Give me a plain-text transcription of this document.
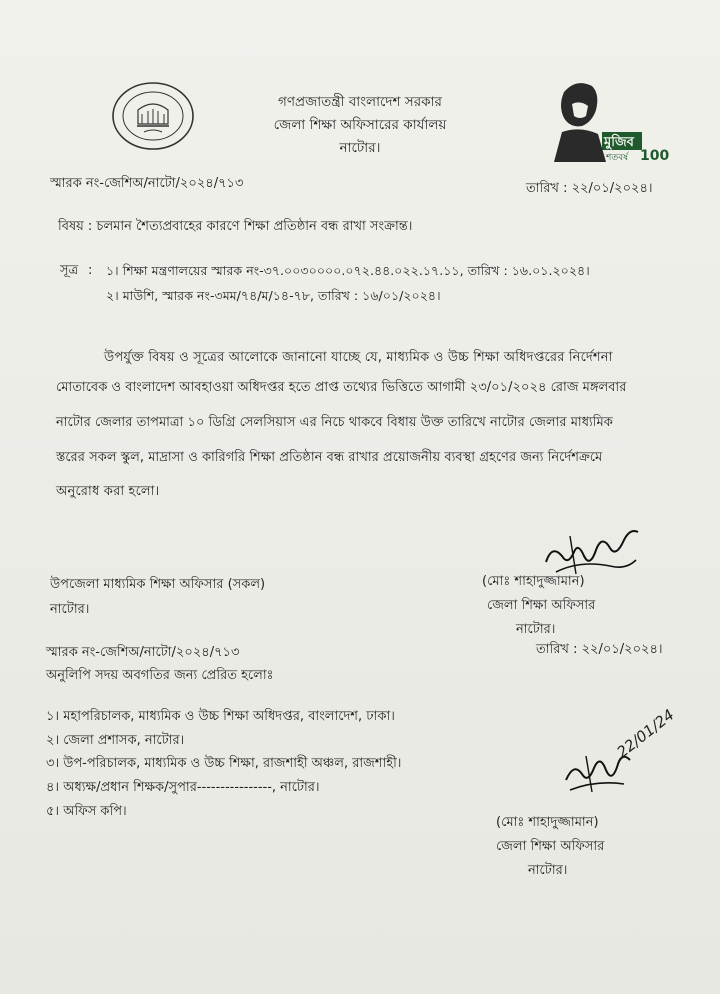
গণপ্রজাতন্ত্রী বাংলাদেশ সরকার
জেলা শিক্ষা অফিসারের কার্যালয়
নাটোর।	মুজিব
শতবর্ষ 100
স্মারক নং-জেশিঅ/নাটো/২০২৪/৭১৩	তারিখ : ২২/০১/২০২৪।
বিষয় : চলমান শৈত্যপ্রবাহের কারণে শিক্ষা প্রতিষ্ঠান বন্ধ রাখা সংক্রান্ত।
সূত্র : ১। শিক্ষা মন্ত্রণালয়ের স্মারক নং-৩৭.০০৩০০০০.০৭২.৪৪.০২২.১৭.১১, তারিখ : ১৬.০১.২০২৪।
২। মাউশি, স্মারক নং-৩মম/৭৪/ম/১৪-৭৮, তারিখ : ১৬/০১/২০২৪।
উপর্যুক্ত বিষয় ও সূত্রের আলোকে জানানো যাচ্ছে যে, মাধ্যমিক ও উচ্চ শিক্ষা অধিদপ্তরের নির্দেশনা
মোতাবেক ও বাংলাদেশ আবহাওয়া অধিদপ্তর হতে প্রাপ্ত তথ্যের ভিত্তিতে আগামী ২৩/০১/২০২৪ রোজ মঙ্গলবার
নাটোর জেলার তাপমাত্রা ১০ ডিগ্রি সেলসিয়াস এর নিচে থাকবে বিধায় উক্ত তারিখে নাটোর জেলার মাধ্যমিক
স্তরের সকল স্কুল, মাদ্রাসা ও কারিগরি শিক্ষা প্রতিষ্ঠান বন্ধ রাখার প্রয়োজনীয় ব্যবস্থা গ্রহণের জন্য নির্দেশক্রমে
অনুরোধ করা হলো।
উপজেলা মাধ্যমিক শিক্ষা অফিসার (সকল)
নাটোর।
(মোঃ শাহাদুজ্জামান)
জেলা শিক্ষা অফিসার
নাটোর।
স্মারক নং-জেশিঅ/নাটো/২০২৪/৭১৩	তারিখ : ২২/০১/২০২৪।
অনুলিপি সদয় অবগতির জন্য প্রেরিত হলোঃ
১। মহাপরিচালক, মাধ্যমিক ও উচ্চ শিক্ষা অধিদপ্তর, বাংলাদেশ, ঢাকা।
২। জেলা প্রশাসক, নাটোর।
৩। উপ-পরিচালক, মাধ্যমিক ও উচ্চ শিক্ষা, রাজশাহী অঞ্চল, রাজশাহী।
৪। অধ্যক্ষ/প্রধান শিক্ষক/সুপার----------------, নাটোর।
৫। অফিস কপি।
22/01/24
(মোঃ শাহাদুজ্জামান)
জেলা শিক্ষা অফিসার
নাটোর।
